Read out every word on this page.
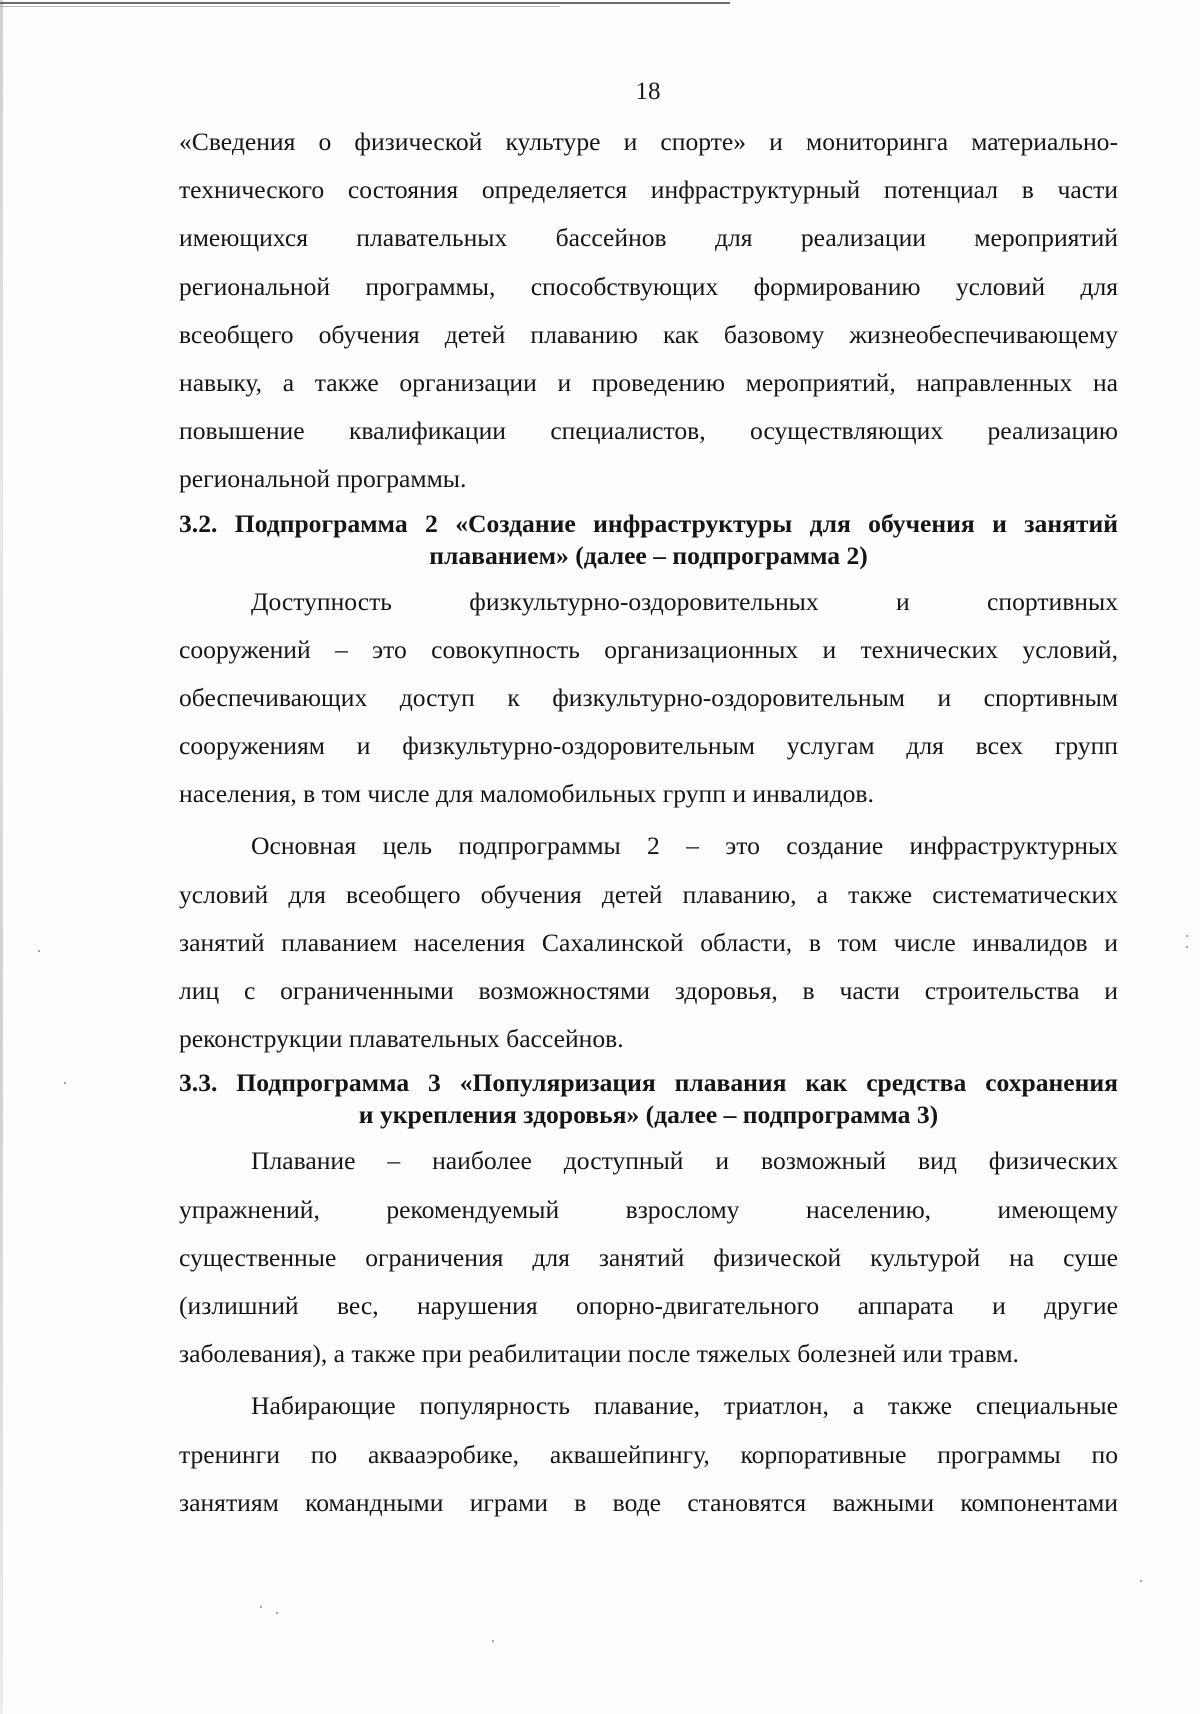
18
«Сведения о физической культуре и спорте» и мониторинга материально-
технического состояния определяется инфраструктурный потенциал в части
имеющихся плавательных бассейнов для реализации мероприятий
региональной программы, способствующих формированию условий для
всеобщего обучения детей плаванию как базовому жизнеобеспечивающему
навыку, а также организации и проведению мероприятий, направленных на
повышение квалификации специалистов, осуществляющих реализацию
региональной программы.
3.2. Подпрограмма 2 «Создание инфраструктуры для обучения и занятий
плаванием» (далее – подпрограмма 2)
Доступность физкультурно-оздоровительных и спортивных
сооружений – это совокупность организационных и технических условий,
обеспечивающих доступ к физкультурно-оздоровительным и спортивным
сооружениям и физкультурно-оздоровительным услугам для всех групп
населения, в том числе для маломобильных групп и инвалидов.
Основная цель подпрограммы 2 – это создание инфраструктурных
условий для всеобщего обучения детей плаванию, а также систематических
занятий плаванием населения Сахалинской области, в том числе инвалидов и
лиц с ограниченными возможностями здоровья, в части строительства и
реконструкции плавательных бассейнов.
3.3. Подпрограмма 3 «Популяризация плавания как средства сохранения
и укрепления здоровья» (далее – подпрограмма 3)
Плавание – наиболее доступный и возможный вид физических
упражнений, рекомендуемый взрослому населению, имеющему
существенные ограничения для занятий физической культурой на суше
(излишний вес, нарушения опорно-двигательного аппарата и другие
заболевания), а также при реабилитации после тяжелых болезней или травм.
Набирающие популярность плавание, триатлон, а также специальные
тренинги по аквааэробике, аквашейпингу, корпоративные программы по
занятиям командными играми в воде становятся важными компонентами
